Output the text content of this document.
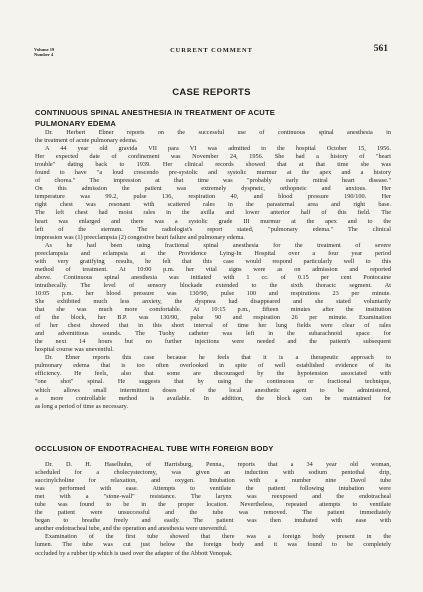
Volume 19
Number 4
CURRENT COMMENT	561
CASE REPORTS
CONTINUOUS SPINAL ANESTHESIA IN TREATMENT OF ACUTE
PULMONARY EDEMA
Dr. Herbert Ebner reports on the successful use of continuous spinal anesthesia in
the treatment of acute pulmonary edema.
A 44 year old gravida VII para VI was admitted to the hospital October 15, 1956.
Her expected date of confinement was November 24, 1956. She had a history of "heart
trouble" dating back to 1939. Her clinical records showed that at that time she was
found to have "a loud crescendo pre-systolic and systolic murmur at the apex and a history
of chorea." The impression at that time was "probably early mitral heart disease."
On this admission the patient was extremely dyspneic, orthopneic and anxious. Her
temperature was 99.2, pulse 136, respiration 40, and blood pressure 190/100. Her
right chest was resonant with scattered rales in the parasternal area and right base.
The left chest had moist rales in the axilla and lower anterior half of this field. The
heart was enlarged and there was a systolic grade III murmur at the apex and to the
left of the sternum. The radiologist's report stated, "pulmonary edema." The clinical
impression was (1) preeclampsia (2) congestive heart failure and pulmonary edema.
As he had been using fractional spinal anesthesia for the treatment of severe
preeclampsia and eclampsia at the Providence Lying-In Hospital over a four year period
with very gratifying results, he felt that this case would respond particularly well to this
method of treatment. At 10:00 p.m. her vital signs were as on admission and reported
above. Continuous spinal anesthesia was initiated with 1 cc. of 0.15 per cent Pontocaine
intrathecally. The level of sensory blockade extended to the sixth thoracic segment. At
10:05 p.m. her blood pressure was 130/90, pulse 100 and respirations 23 per minute.
She exhibited much less anxiety, the dyspnea had disappeared and she stated voluntarily
that she was much more comfortable. At 10:15 p.m., fifteen minutes after the institution
of the block, her B.P. was 130/90, pulse 90 and respiration 26 per minute. Examination
of her chest showed that in this short interval of time her lung fields were clear of rales
and adventitious sounds. The Tuohy catheter was left in the subarachnoid space for
the next 14 hours but no further injections were needed and the patient's subsequent
hospital course was uneventful.
Dr. Ebner reports this case because he feels that it is a therapeutic approach to
pulmonary edema that is too often overlooked in spite of well established evidence of its
efficiency. He feels, also that some are discouraged by the hypotension associated with
"one shot" spinal. He suggests that by using the continuous or fractional technique,
which allows small intermittent doses of the local anesthetic agent to be administered,
a more controllable method is available. In addition, the block can be maintained for
as long a period of time as necessary.
OCCLUSION OF ENDOTRACHEAL TUBE WITH FOREIGN BODY
Dr. D. H. Haselhuhn, of Harrisburg, Penna., reports that a 34 year old woman,
scheduled for a cholecystectomy, was given an induction with sodium pentothal drip,
succinylcholine for relaxation, and oxygen. Intubation with a number nine Davol tube
was performed with ease. Attempts to ventilate the patient following intubation were
met with a "stone-wall" resistance. The larynx was reexposed and the endotracheal
tube was found to be in the proper location. Nevertheless, repeated attempts to ventilate
the patient were unsuccessful and the tube was removed. The patient immediately
began to breathe freely and easily. The patient was then intubated with ease with
another endotracheal tube, and the operation and anesthesia were uneventful.
Examination of the first tube showed that there was a foreign body present in the
lumen. The tube was cut just below the foreign body and it was found to be completely
occluded by a rubber tip which is used over the adapter of the Abbott Venopak.
